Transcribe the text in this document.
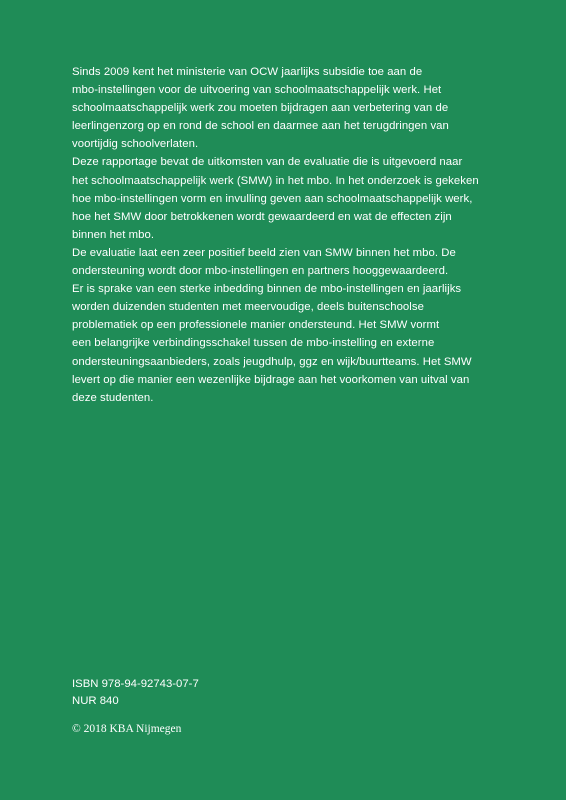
Sinds 2009 kent het ministerie van OCW jaarlijks subsidie toe aan de
mbo-instellingen voor de uitvoering van schoolmaatschappelijk werk. Het
schoolmaatschappelijk werk zou moeten bijdragen aan verbetering van de
leerlingenzorg op en rond de school en daarmee aan het terugdringen van
voortijdig schoolverlaten.
Deze rapportage bevat de uitkomsten van de evaluatie die is uitgevoerd naar
het schoolmaatschappelijk werk (SMW) in het mbo. In het onderzoek is gekeken
hoe mbo-instellingen vorm en invulling geven aan schoolmaatschappelijk werk,
hoe het SMW door betrokkenen wordt gewaardeerd en wat de effecten zijn
binnen het mbo.
De evaluatie laat een zeer positief beeld zien van SMW binnen het mbo. De
ondersteuning wordt door mbo-instellingen en partners hooggewaardeerd.
Er is sprake van een sterke inbedding binnen de mbo-instellingen en jaarlijks
worden duizenden studenten met meervoudige, deels buitenschoolse
problematiek op een professionele manier ondersteund. Het SMW vormt
een belangrijke verbindingsschakel tussen de mbo-instelling en externe
ondersteuningsaanbieders, zoals jeugdhulp, ggz en wijk/buurtteams. Het SMW
levert op die manier een wezenlijke bijdrage aan het voorkomen van uitval van
deze studenten.
ISBN 978-94-92743-07-7
NUR 840
© 2018 KBA Nijmegen
